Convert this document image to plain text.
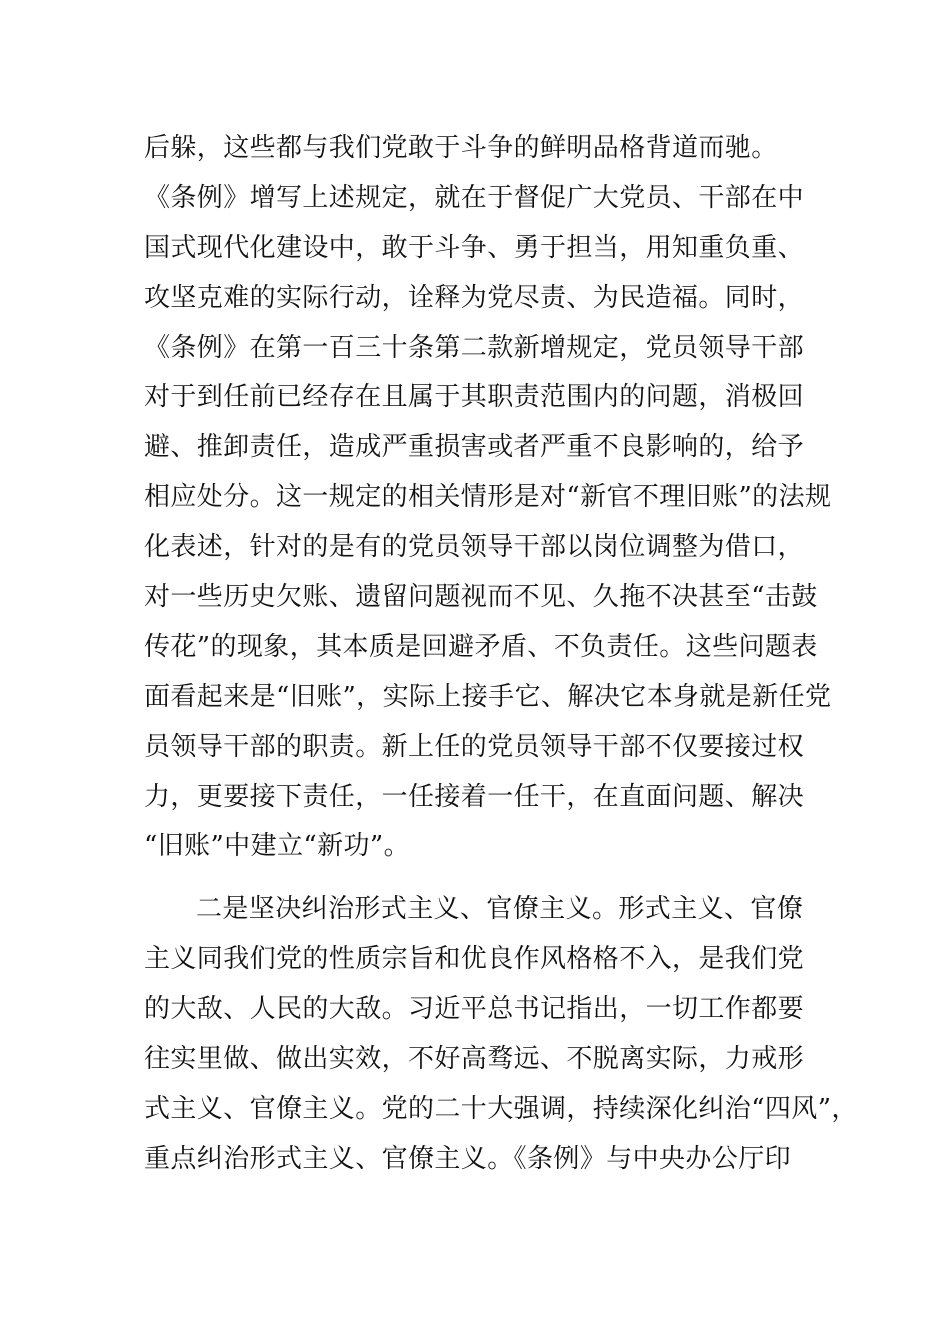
后躲，这些都与我们党敢于斗争的鲜明品格背道而驰。
《条例》增写上述规定，就在于督促广大党员、干部在中
国式现代化建设中，敢于斗争、勇于担当，用知重负重、
攻坚克难的实际行动，诠释为党尽责、为民造福。同时，
《条例》在第一百三十条第二款新增规定，党员领导干部
对于到任前已经存在且属于其职责范围内的问题，消极回
避、推卸责任，造成严重损害或者严重不良影响的，给予
相应处分。这一规定的相关情形是对“新官不理旧账”的法规
化表述，针对的是有的党员领导干部以岗位调整为借口，
对一些历史欠账、遗留问题视而不见、久拖不决甚至“击鼓
传花”的现象，其本质是回避矛盾、不负责任。这些问题表
面看起来是“旧账”，实际上接手它、解决它本身就是新任党
员领导干部的职责。新上任的党员领导干部不仅要接过权
力，更要接下责任，一任接着一任干，在直面问题、解决
“旧账”中建立“新功”。
二是坚决纠治形式主义、官僚主义。形式主义、官僚
主义同我们党的性质宗旨和优良作风格格不入，是我们党
的大敌、人民的大敌。习近平总书记指出，一切工作都要
往实里做、做出实效，不好高骛远、不脱离实际，力戒形
式主义、官僚主义。党的二十大强调，持续深化纠治“四风”，
重点纠治形式主义、官僚主义。《条例》与中央办公厅印
